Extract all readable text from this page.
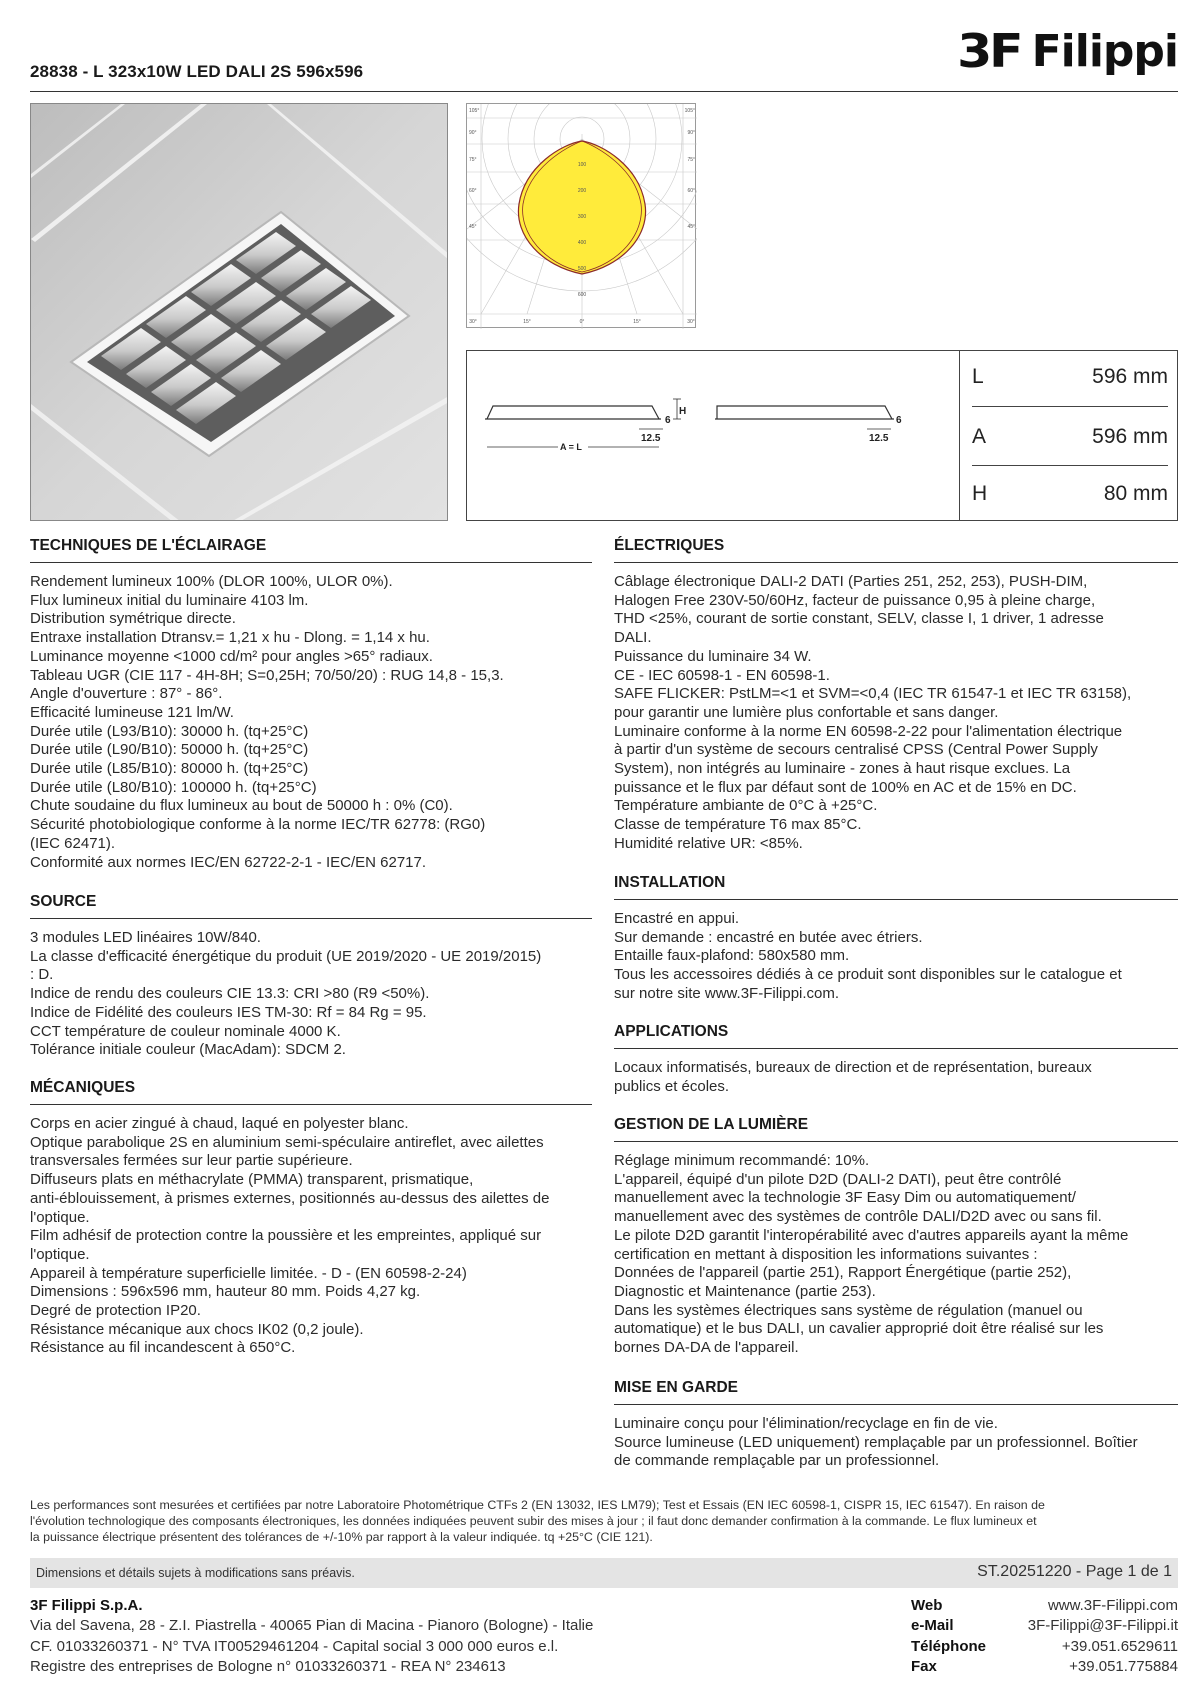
28838 - L 323x10W LED DALI 2S 596x596	3F Filippi
105°
90°
75°
60°
45°
105°
90°
75°
60°
45°
100
200
300
400
500
600
30°	15°	0°	15°	30°
H
6	6
12.5	12.5
A = L
L	596 mm
A	596 mm
H	80 mm
TECHNIQUES DE L'ÉCLAIRAGE
Rendement lumineux 100% (DLOR 100%, ULOR 0%).
Flux lumineux initial du luminaire 4103 lm.
Distribution symétrique directe.
Entraxe installation Dtransv.= 1,21 x hu - Dlong. = 1,14 x hu.
Luminance moyenne <1000 cd/m² pour angles >65° radiaux.
Tableau UGR (CIE 117 - 4H-8H; S=0,25H; 70/50/20) : RUG 14,8 - 15,3.
Angle d'ouverture : 87° - 86°.
Efficacité lumineuse 121 lm/W.
Durée utile (L93/B10): 30000 h. (tq+25°C)
Durée utile (L90/B10): 50000 h. (tq+25°C)
Durée utile (L85/B10): 80000 h. (tq+25°C)
Durée utile (L80/B10): 100000 h. (tq+25°C)
Chute soudaine du flux lumineux au bout de 50000 h : 0% (C0).
Sécurité photobiologique conforme à la norme IEC/TR 62778: (RG0)
(IEC 62471).
Conformité aux normes IEC/EN 62722-2-1 - IEC/EN 62717.
SOURCE
3 modules LED linéaires 10W/840.
La classe d'efficacité énergétique du produit (UE 2019/2020 - UE 2019/2015)
: D.
Indice de rendu des couleurs CIE 13.3: CRI >80 (R9 <50%).
Indice de Fidélité des couleurs IES TM-30: Rf = 84 Rg = 95.
CCT température de couleur nominale 4000 K.
Tolérance initiale couleur (MacAdam): SDCM 2.
MÉCANIQUES
Corps en acier zingué à chaud, laqué en polyester blanc.
Optique parabolique 2S en aluminium semi-spéculaire antireflet, avec ailettes
transversales fermées sur leur partie supérieure.
Diffuseurs plats en méthacrylate (PMMA) transparent, prismatique,
anti-éblouissement, à prismes externes, positionnés au-dessus des ailettes de
l'optique.
Film adhésif de protection contre la poussière et les empreintes, appliqué sur
l'optique.
Appareil à température superficielle limitée. - D - (EN 60598-2-24)
Dimensions : 596x596 mm, hauteur 80 mm. Poids 4,27 kg.
Degré de protection IP20.
Résistance mécanique aux chocs IK02 (0,2 joule).
Résistance au fil incandescent à 650°C.
ÉLECTRIQUES
Câblage électronique DALI-2 DATI (Parties 251, 252, 253), PUSH-DIM,
Halogen Free 230V-50/60Hz, facteur de puissance 0,95 à pleine charge,
THD <25%, courant de sortie constant, SELV, classe I, 1 driver, 1 adresse
DALI.
Puissance du luminaire 34 W.
CE - IEC 60598-1 - EN 60598-1.
SAFE FLICKER: PstLM=<1 et SVM=<0,4 (IEC TR 61547-1 et IEC TR 63158),
pour garantir une lumière plus confortable et sans danger.
Luminaire conforme à la norme EN 60598-2-22 pour l'alimentation électrique
à partir d'un système de secours centralisé CPSS (Central Power Supply
System), non intégrés au luminaire - zones à haut risque exclues. La
puissance et le flux par défaut sont de 100% en AC et de 15% en DC.
Température ambiante de 0°C à +25°C.
Classe de température T6 max 85°C.
Humidité relative UR: <85%.
INSTALLATION
Encastré en appui.
Sur demande : encastré en butée avec étriers.
Entaille faux-plafond: 580x580 mm.
Tous les accessoires dédiés à ce produit sont disponibles sur le catalogue et
sur notre site www.3F-Filippi.com.
APPLICATIONS
Locaux informatisés, bureaux de direction et de représentation, bureaux
publics et écoles.
GESTION DE LA LUMIÈRE
Réglage minimum recommandé: 10%.
L'appareil, équipé d'un pilote D2D (DALI-2 DATI), peut être contrôlé
manuellement avec la technologie 3F Easy Dim ou automatiquement/
manuellement avec des systèmes de contrôle DALI/D2D avec ou sans fil.
Le pilote D2D garantit l'interopérabilité avec d'autres appareils ayant la même
certification en mettant à disposition les informations suivantes :
Données de l'appareil (partie 251), Rapport Énergétique (partie 252),
Diagnostic et Maintenance (partie 253).
Dans les systèmes électriques sans système de régulation (manuel ou
automatique) et le bus DALI, un cavalier approprié doit être réalisé sur les
bornes DA-DA de l'appareil.
MISE EN GARDE
Luminaire conçu pour l'élimination/recyclage en fin de vie.
Source lumineuse (LED uniquement) remplaçable par un professionnel. Boîtier
de commande remplaçable par un professionnel.
Les performances sont mesurées et certifiées par notre Laboratoire Photométrique CTFs 2 (EN 13032, IES LM79); Test et Essais (EN IEC 60598-1, CISPR 15, IEC 61547). En raison de
l'évolution technologique des composants électroniques, les données indiquées peuvent subir des mises à jour ; il faut donc demander confirmation à la commande. Le flux lumineux et
la puissance électrique présentent des tolérances de +/-10% par rapport à la valeur indiquée. tq +25°C (CIE 121).
Dimensions et détails sujets à modifications sans préavis.	ST.20251220 - Page 1 de 1
3F Filippi S.p.A.
Via del Savena, 28 - Z.I. Piastrella - 40065 Pian di Macina - Pianoro (Bologne) - Italie
CF. 01033260371 - N° TVA IT00529461204 - Capital social 3 000 000 euros e.l.
Registre des entreprises de Bologne n° 01033260371 - REA N° 234613
Web	www.3F-Filippi.com
e-Mail	3F-Filippi@3F-Filippi.it
Téléphone	+39.051.6529611
Fax	+39.051.775884
